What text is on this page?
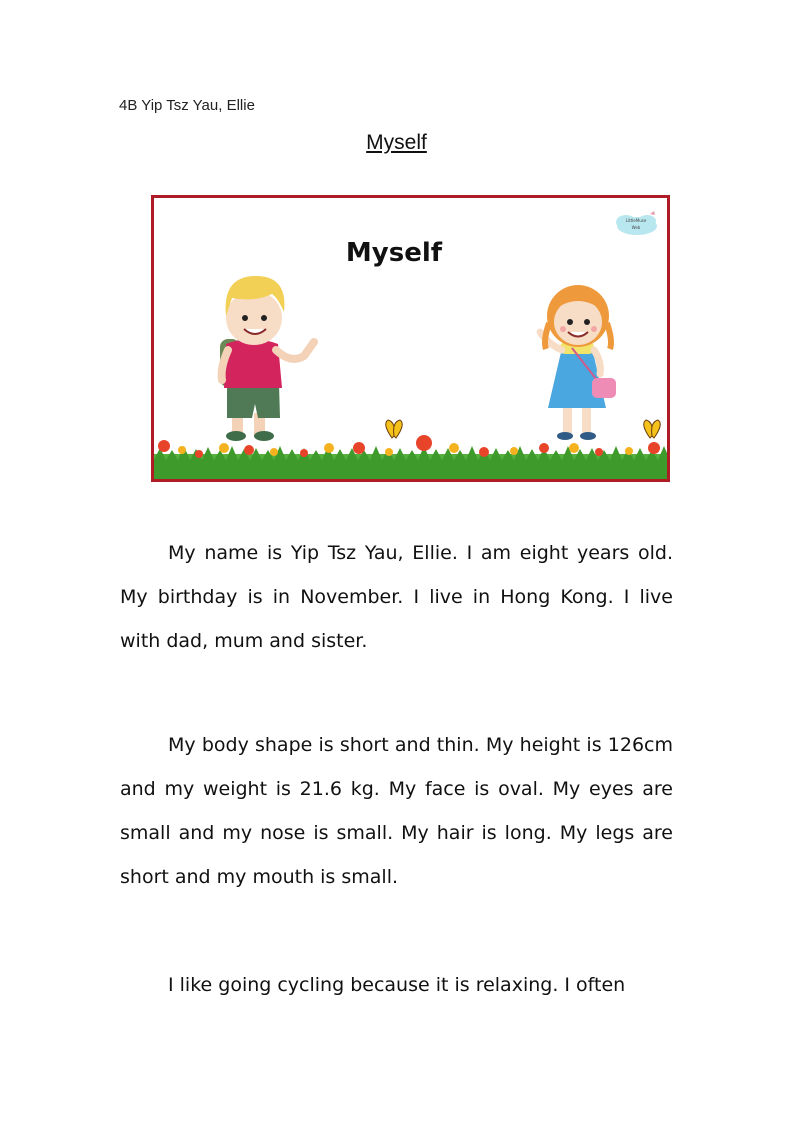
4B Yip Tsz Yau, Ellie
Myself
LittleMuse
Web
Myself

My name is Yip Tsz Yau, Ellie. I am eight years old. My birthday is in November. I live in Hong Kong. I live with dad, mum and sister.

My body shape is short and thin. My height is 126cm and my weight is 21.6 kg. My face is oval. My eyes are small and my nose is small. My hair is long. My legs are short and my mouth is small.

I like going cycling because it is relaxing. I often
